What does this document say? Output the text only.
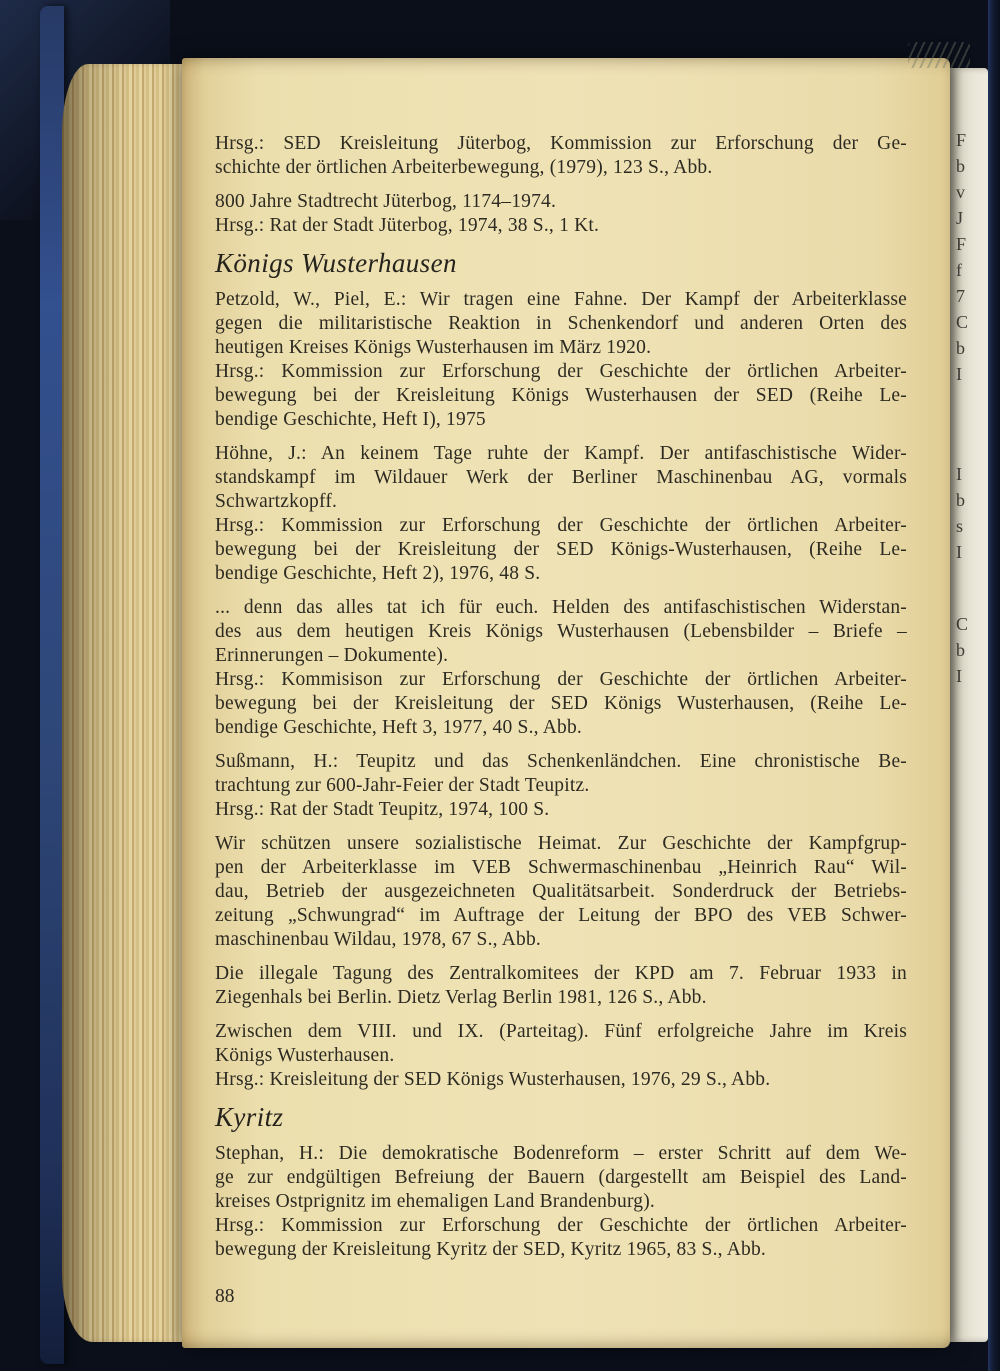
Hrsg.: SED Kreisleitung Jüterbog, Kommission zur Erforschung der Ge-
schichte der örtlichen Arbeiterbewegung, (1979), 123 S., Abb.
800 Jahre Stadtrecht Jüterbog, 1174–1974.
Hrsg.: Rat der Stadt Jüterbog, 1974, 38 S., 1 Kt.
Königs Wusterhausen
Petzold, W., Piel, E.: Wir tragen eine Fahne. Der Kampf der Arbeiterklasse
gegen die militaristische Reaktion in Schenkendorf und anderen Orten des
heutigen Kreises Königs Wusterhausen im März 1920.
Hrsg.: Kommission zur Erforschung der Geschichte der örtlichen Arbeiter-
bewegung bei der Kreisleitung Königs Wusterhausen der SED (Reihe Le-
bendige Geschichte, Heft I), 1975
Höhne, J.: An keinem Tage ruhte der Kampf. Der antifaschistische Wider-
standskampf im Wildauer Werk der Berliner Maschinenbau AG, vormals
Schwartzkopff.
Hrsg.: Kommission zur Erforschung der Geschichte der örtlichen Arbeiter-
bewegung bei der Kreisleitung der SED Königs-Wusterhausen, (Reihe Le-
bendige Geschichte, Heft 2), 1976, 48 S.
... denn das alles tat ich für euch. Helden des antifaschistischen Widerstan-
des aus dem heutigen Kreis Königs Wusterhausen (Lebensbilder – Briefe –
Erinnerungen – Dokumente).
Hrsg.: Kommisison zur Erforschung der Geschichte der örtlichen Arbeiter-
bewegung bei der Kreisleitung der SED Königs Wusterhausen, (Reihe Le-
bendige Geschichte, Heft 3, 1977, 40 S., Abb.
Sußmann, H.: Teupitz und das Schenkenländchen. Eine chronistische Be-
trachtung zur 600-Jahr-Feier der Stadt Teupitz.
Hrsg.: Rat der Stadt Teupitz, 1974, 100 S.
Wir schützen unsere sozialistische Heimat. Zur Geschichte der Kampfgrup-
pen der Arbeiterklasse im VEB Schwermaschinenbau „Heinrich Rau“ Wil-
dau, Betrieb der ausgezeichneten Qualitätsarbeit. Sonderdruck der Betriebs-
zeitung „Schwungrad“ im Auftrage der Leitung der BPO des VEB Schwer-
maschinenbau Wildau, 1978, 67 S., Abb.
Die illegale Tagung des Zentralkomitees der KPD am 7. Februar 1933 in
Ziegenhals bei Berlin. Dietz Verlag Berlin 1981, 126 S., Abb.
Zwischen dem VIII. und IX. (Parteitag). Fünf erfolgreiche Jahre im Kreis
Königs Wusterhausen.
Hrsg.: Kreisleitung der SED Königs Wusterhausen, 1976, 29 S., Abb.
Kyritz
Stephan, H.: Die demokratische Bodenreform – erster Schritt auf dem We-
ge zur endgültigen Befreiung der Bauern (dargestellt am Beispiel des Land-
kreises Ostprignitz im ehemaligen Land Brandenburg).
Hrsg.: Kommission zur Erforschung der Geschichte der örtlichen Arbeiter-
bewegung der Kreisleitung Kyritz der SED, Kyritz 1965, 83 S., Abb.
88
F
b
v
J
F
f
7
C
b
I
I
b
s
I
C
b
I
